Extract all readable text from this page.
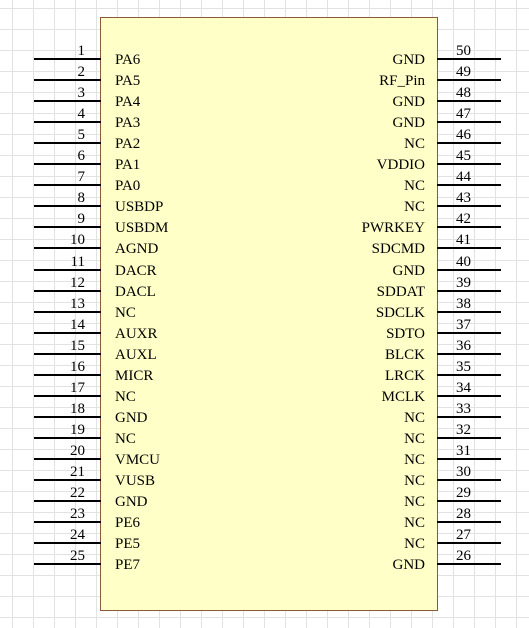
1
PA6
2
PA5
3
PA4
4
PA3
5
PA2
6
PA1
7
PA0
8
USBDP
9
USBDM
10
AGND
11
DACR
12
DACL
13
NC
14
AUXR
15
AUXL
16
MICR
17
NC
18
GND
19
NC
20
VMCU
21
VUSB
22
GND
23
PE6
24
PE5
25
PE7
50
GND
49
RF_Pin
48
GND
47
GND
46
NC
45
VDDIO
44
NC
43
NC
42
PWRKEY
41
SDCMD
40
GND
39
SDDAT
38
SDCLK
37
SDTO
36
BLCK
35
LRCK
34
MCLK
33
NC
32
NC
31
NC
30
NC
29
NC
28
NC
27
NC
26
GND
